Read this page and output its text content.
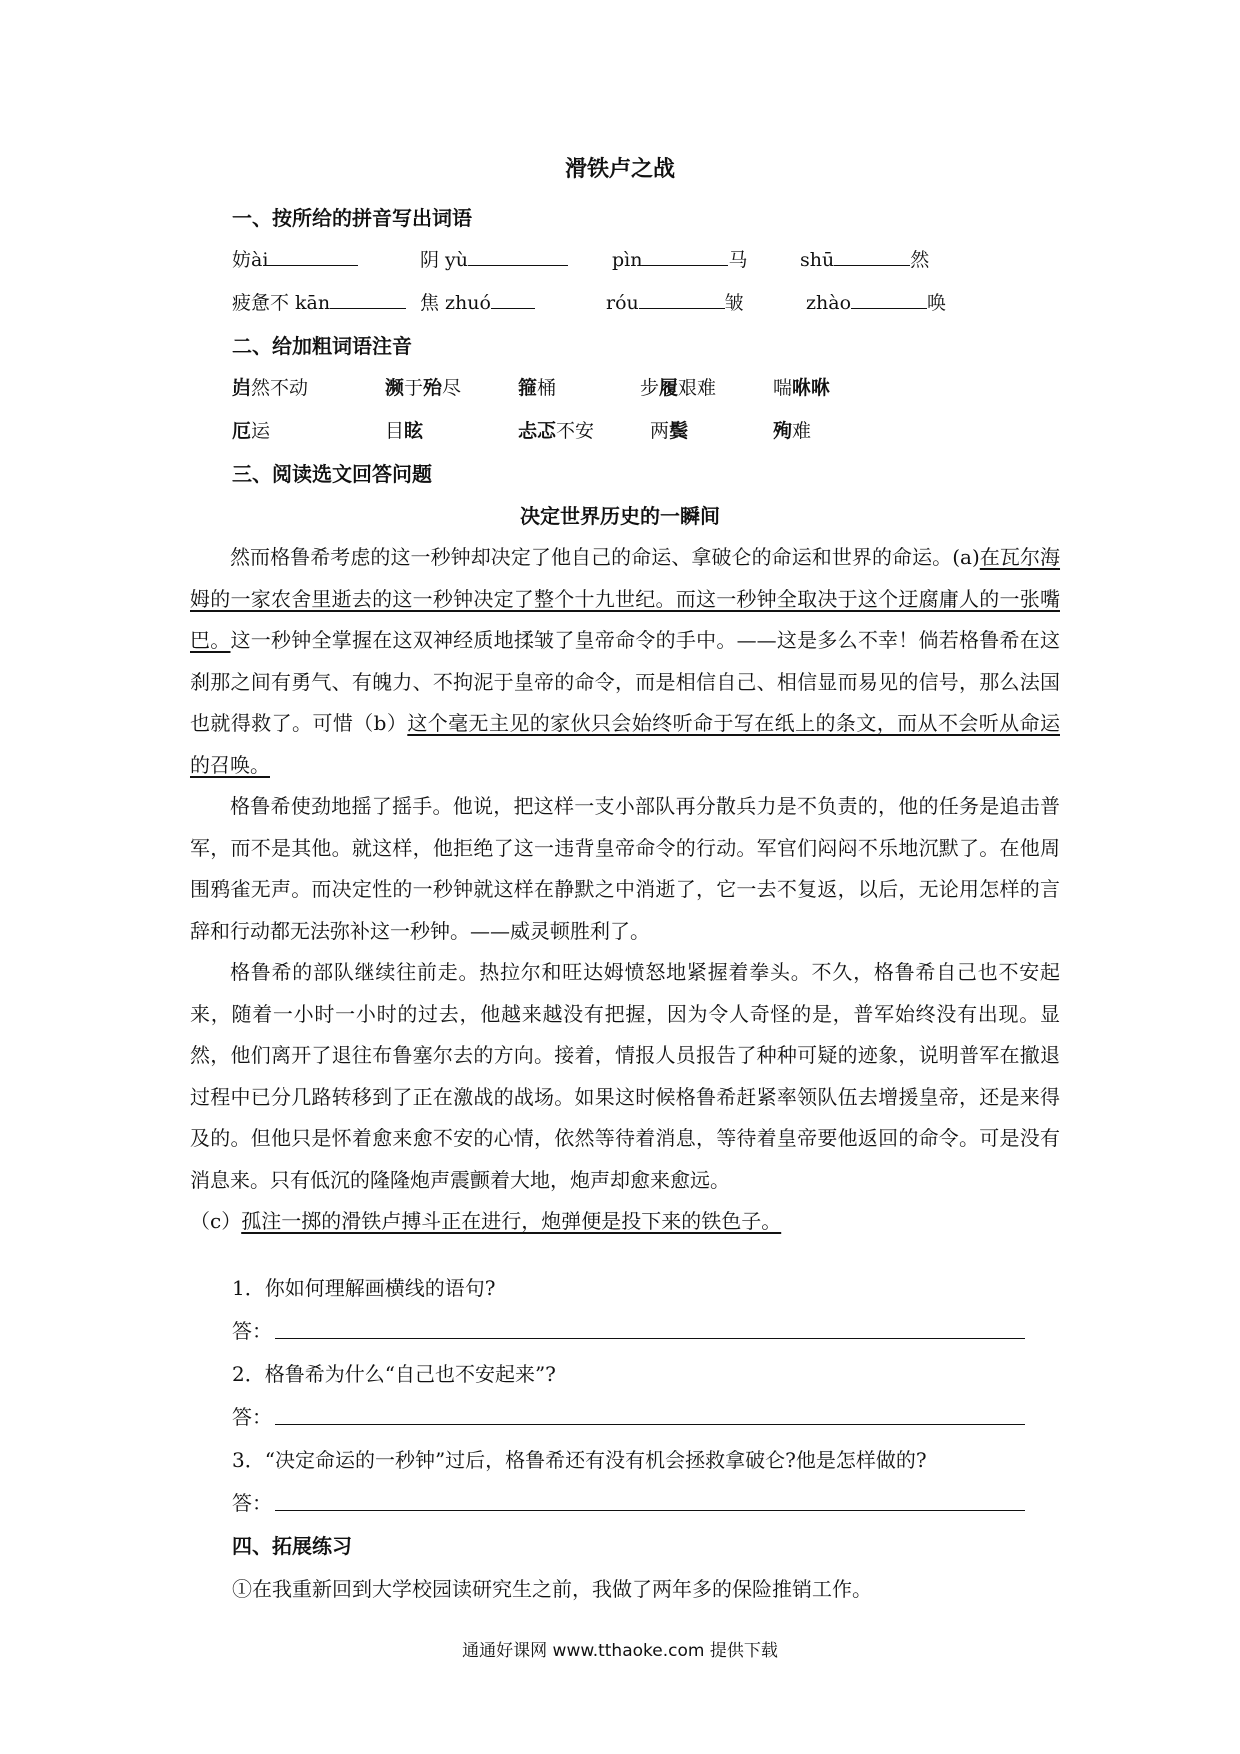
滑铁卢之战
一、按所给的拼音写出词语
妨ài	阴 yù	pìn	马	shū	然
疲惫不 kān	焦 zhuó	róu	皱	zhào	唤
二、给加粗词语注音
岿然不动	濒于殆尽	箍桶	步履艰难	喘咻咻
厄运	目眩	忐忑不安	两鬓	殉难
三、阅读选文回答问题
决定世界历史的一瞬间

然而格鲁希考虑的这一秒钟却决定了他自己的命运、拿破仑的命运和世界的命运。(a)在瓦尔海姆的一家农舍里逝去的这一秒钟决定了整个十九世纪。而这一秒钟全取决于这个迂腐庸人的一张嘴巴。这一秒钟全掌握在这双神经质地揉皱了皇帝命令的手中。——这是多么不幸！倘若格鲁希在这刹那之间有勇气、有魄力、不拘泥于皇帝的命令，而是相信自己、相信显而易见的信号，那么法国也就得救了。可惜（b）这个毫无主见的家伙只会始终听命于写在纸上的条文，而从不会听从命运的召唤。

格鲁希使劲地摇了摇手。他说，把这样一支小部队再分散兵力是不负责的，他的任务是追击普军，而不是其他。就这样，他拒绝了这一违背皇帝命令的行动。军官们闷闷不乐地沉默了。在他周围鸦雀无声。而决定性的一秒钟就这样在静默之中消逝了，它一去不复返，以后，无论用怎样的言辞和行动都无法弥补这一秒钟。——威灵顿胜利了。

格鲁希的部队继续往前走。热拉尔和旺达姆愤怒地紧握着拳头。不久，格鲁希自己也不安起来，随着一小时一小时的过去，他越来越没有把握，因为令人奇怪的是，普军始终没有出现。显然，他们离开了退往布鲁塞尔去的方向。接着，情报人员报告了种种可疑的迹象，说明普军在撤退过程中已分几路转移到了正在激战的战场。如果这时候格鲁希赶紧率领队伍去增援皇帝，还是来得及的。但他只是怀着愈来愈不安的心情，依然等待着消息，等待着皇帝要他返回的命令。可是没有消息来。只有低沉的隆隆炮声震颤着大地，炮声却愈来愈远。

（c）孤注一掷的滑铁卢搏斗正在进行，炮弹便是投下来的铁色子。

1．你如何理解画横线的语句?
答：
2．格鲁希为什么“自己也不安起来”?
答：
3．“决定命运的一秒钟”过后，格鲁希还有没有机会拯救拿破仑?他是怎样做的?
答：
四、拓展练习
①在我重新回到大学校园读研究生之前，我做了两年多的保险推销工作。
通通好课网 www.tthaoke.com 提供下载
